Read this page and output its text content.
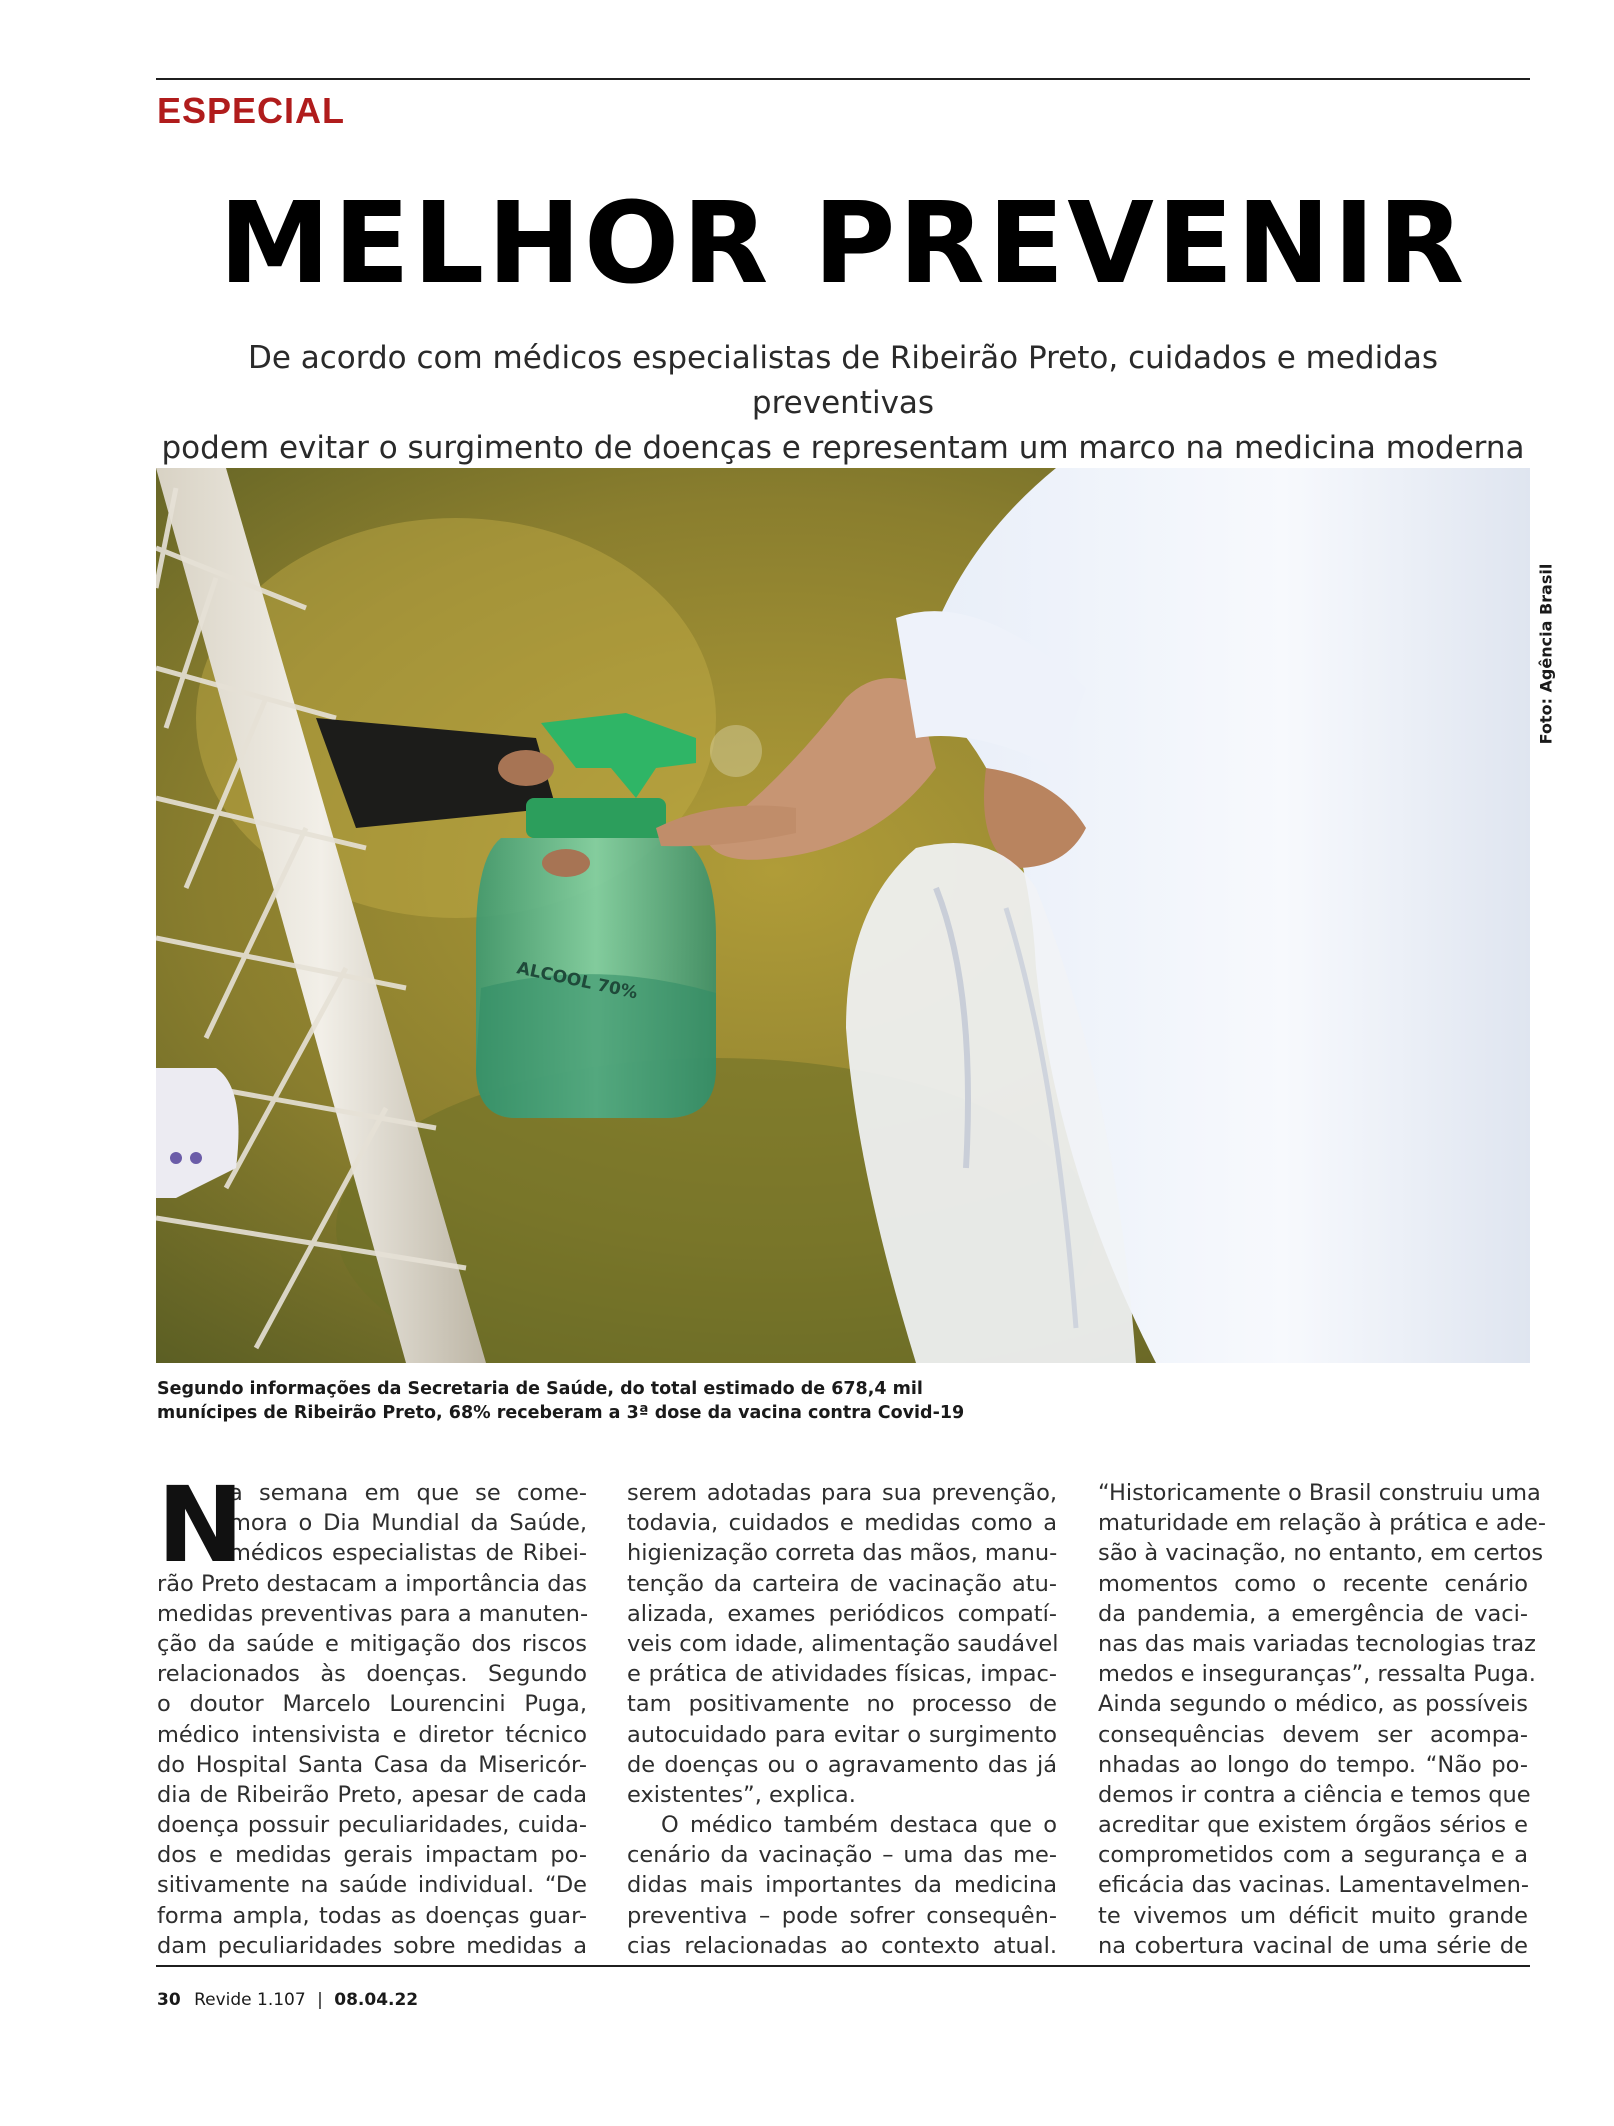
ESPECIAL
MELHOR PREVENIR

De acordo com médicos especialistas de Ribeirão Preto, cuidados e medidas preventivas
podem evitar o surgimento de doenças e representam um marco na medicina moderna

ALCOOL 70%
Foto: Agência Brasil

Segundo informações da Secretaria de Saúde, do total estimado de 678,4 mil
munícipes de Ribeirão Preto, 68% receberam a 3ª dose da vacina contra Covid-19

N
a semana em que se come-
mora o Dia Mundial da Saúde,
médicos especialistas de Ribei-
rão Preto destacam a importância das
medidas preventivas para a manuten-
ção da saúde e mitigação dos riscos
relacionados às doenças. Segundo
o doutor Marcelo Lourencini Puga,
médico intensivista e diretor técnico
do Hospital Santa Casa da Misericór-
dia de Ribeirão Preto, apesar de cada
doença possuir peculiaridades, cuida-
dos e medidas gerais impactam po-
sitivamente na saúde individual. “De
forma ampla, todas as doenças guar-
dam peculiaridades sobre medidas a
serem adotadas para sua prevenção,
todavia, cuidados e medidas como a
higienização correta das mãos, manu-
tenção da carteira de vacinação atu-
alizada, exames periódicos compatí-
veis com idade, alimentação saudável
e prática de atividades físicas, impac-
tam positivamente no processo de
autocuidado para evitar o surgimento
de doenças ou o agravamento das já
existentes”, explica.
O médico também destaca que o
cenário da vacinação – uma das me-
didas mais importantes da medicina
preventiva – pode sofrer consequên-
cias relacionadas ao contexto atual.
“Historicamente o Brasil construiu uma
maturidade em relação à prática e ade-
são à vacinação, no entanto, em certos
momentos como o recente cenário
da pandemia, a emergência de vaci-
nas das mais variadas tecnologias traz
medos e inseguranças”, ressalta Puga.
Ainda segundo o médico, as possíveis
consequências devem ser acompa-
nhadas ao longo do tempo. “Não po-
demos ir contra a ciência e temos que
acreditar que existem órgãos sérios e
comprometidos com a segurança e a
eficácia das vacinas. Lamentavelmen-
te vivemos um déficit muito grande
na cobertura vacinal de uma série de
30 Revide 1.107 | 08.04.22
